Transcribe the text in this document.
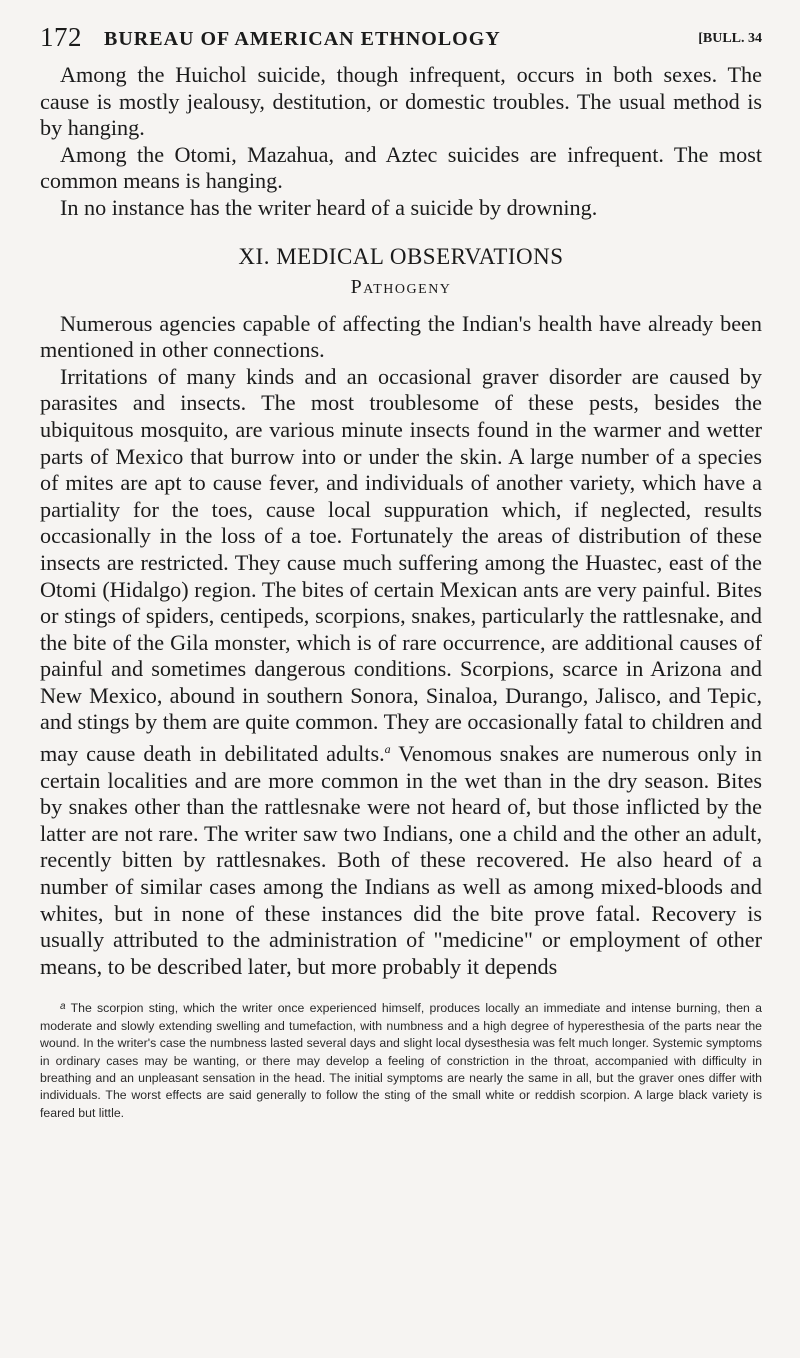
172 BUREAU OF AMERICAN ETHNOLOGY	[BULL. 34

Among the Huichol suicide, though infrequent, occurs in both sexes. The cause is mostly jealousy, destitution, or domestic troubles. The usual method is by hanging.

Among the Otomi, Mazahua, and Aztec suicides are infrequent. The most common means is hanging.

In no instance has the writer heard of a suicide by drowning.

XI. MEDICAL OBSERVATIONS
Pathogeny

Numerous agencies capable of affecting the Indian's health have already been mentioned in other connections.

Irritations of many kinds and an occasional graver disorder are caused by parasites and insects. The most troublesome of these pests, besides the ubiquitous mosquito, are various minute insects found in the warmer and wetter parts of Mexico that burrow into or under the skin. A large number of a species of mites are apt to cause fever, and individuals of another variety, which have a partiality for the toes, cause local suppuration which, if neglected, results occasionally in the loss of a toe. Fortunately the areas of distribution of these insects are restricted. They cause much suffering among the Huastec, east of the Otomi (Hidalgo) region. The bites of certain Mexican ants are very painful. Bites or stings of spiders, centipeds, scorpions, snakes, particularly the rattlesnake, and the bite of the Gila monster, which is of rare occurrence, are additional causes of painful and sometimes dangerous conditions. Scorpions, scarce in Arizona and New Mexico, abound in southern Sonora, Sinaloa, Durango, Jalisco, and Tepic, and stings by them are quite common. They are occasionally fatal to children and may cause death in debilitated adults.$^a$ Venomous snakes are numerous only in certain localities and are more common in the wet than in the dry season. Bites by snakes other than the rattlesnake were not heard of, but those inflicted by the latter are not rare. The writer saw two Indians, one a child and the other an adult, recently bitten by rattlesnakes. Both of these recovered. He also heard of a number of similar cases among the Indians as well as among mixed-bloods and whites, but in none of these instances did the bite prove fatal. Recovery is usually attributed to the administration of "medicine" or employment of other means, to be described later, but more probably it depends

$^a$ The scorpion sting, which the writer once experienced himself, produces locally an immediate and intense burning, then a moderate and slowly extending swelling and tumefaction, with numbness and a high degree of hyperesthesia of the parts near the wound. In the writer's case the numbness lasted several days and slight local dysesthesia was felt much longer. Systemic symptoms in ordinary cases may be wanting, or there may develop a feeling of constriction in the throat, accompanied with difficulty in breathing and an unpleasant sensation in the head. The initial symptoms are nearly the same in all, but the graver ones differ with individuals. The worst effects are said generally to follow the sting of the small white or reddish scorpion. A large black variety is feared but little.
